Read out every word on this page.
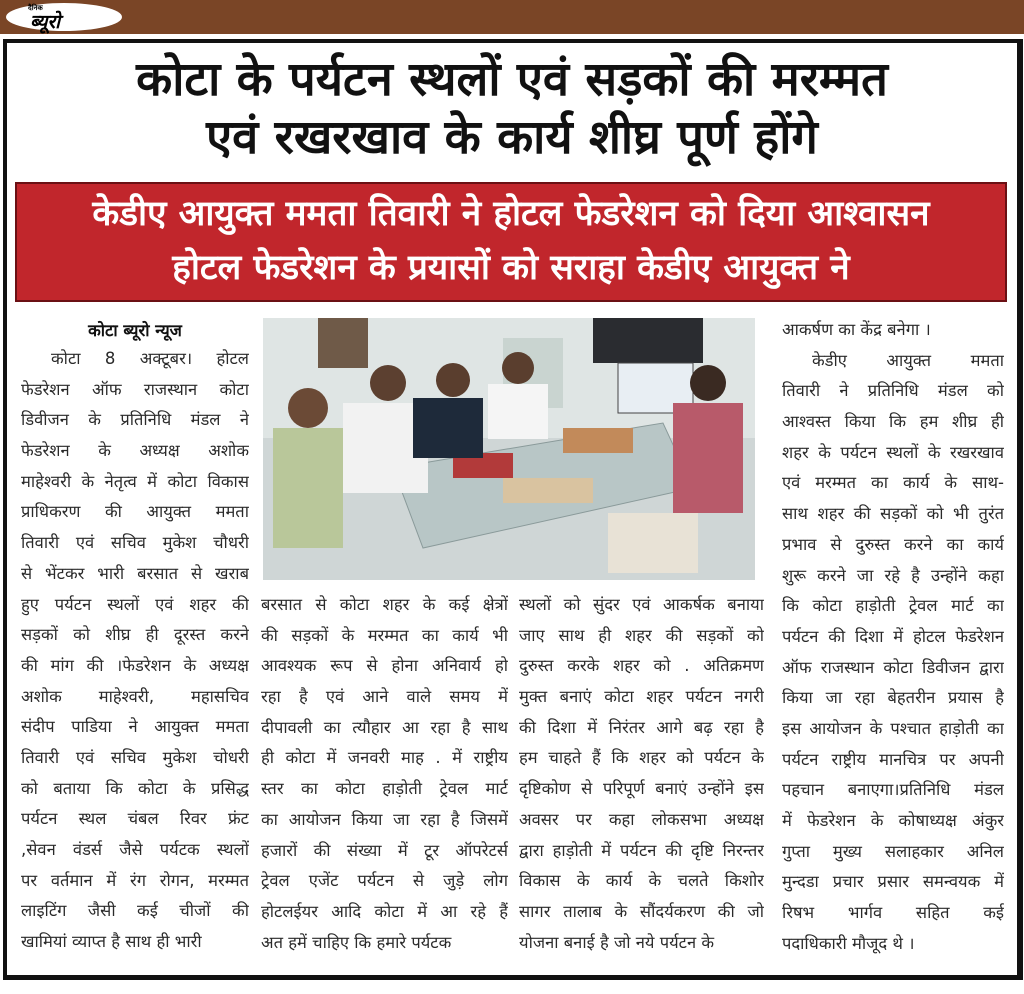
दैनिक
ब्यूरो
कोटा के पर्यटन स्थलों एवं सड़कों की मरम्मत
एवं रखरखाव के कार्य शीघ्र पूर्ण होंगे
केडीए आयुक्त ममता तिवारी ने होटल फेडरेशन को दिया आश्वासन
होटल फेडरेशन के प्रयासों को सराहा केडीए आयुक्त ने
कोटा ब्यूरो न्यूज
कोटा 8 अक्टूबर। होटल
फेडरेशन ऑफ राजस्थान कोटा
डिवीजन के प्रतिनिधि मंडल ने
फेडरेशन के अध्यक्ष अशोक
माहेश्वरी के नेतृत्व में कोटा विकास
प्राधिकरण की आयुक्त ममता
तिवारी एवं सचिव मुकेश चौधरी
से भेंटकर भारी बरसात से खराब
हुए पर्यटन स्थलों एवं शहर की
सड़कों को शीघ्र ही दूरस्त करने
की मांग की ।फेडरेशन के अध्यक्ष
अशोक माहेश्वरी, महासचिव
संदीप पाडिया ने आयुक्त ममता
तिवारी एवं सचिव मुकेश चोधरी
को बताया कि कोटा के प्रसिद्ध
पर्यटन स्थल चंबल रिवर फ्रंट
,सेवन वंडर्स जैसे पर्यटक स्थलों
पर वर्तमान में रंग रोगन, मरम्मत
लाइटिंग जैसी कई चीजों की
खामियां व्याप्त है साथ ही भारी
बरसात से कोटा शहर के कई क्षेत्रों
की सड़कों के मरम्मत का कार्य भी
आवश्यक रूप से होना अनिवार्य हो
रहा है एवं आने वाले समय में
दीपावली का त्यौहार आ रहा है साथ
ही कोटा में जनवरी माह . में राष्ट्रीय
स्तर का कोटा हाड़ोती ट्रेवल मार्ट
का आयोजन किया जा रहा है जिसमें
हजारों की संख्या में टूर ऑपरेटर्स
ट्रेवल एजेंट पर्यटन से जुड़े लोग
होटलईयर आदि कोटा में आ रहे हैं
अत हमें चाहिए कि हमारे पर्यटक
स्थलों को सुंदर एवं आकर्षक बनाया
जाए साथ ही शहर की सड़कों को
दुरुस्त करके शहर को . अतिक्रमण
मुक्त बनाएं कोटा शहर पर्यटन नगरी
की दिशा में निरंतर आगे बढ़ रहा है
हम चाहते हैं कि शहर को पर्यटन के
दृष्टिकोण से परिपूर्ण बनाएं उन्होंने इस
अवसर पर कहा लोकसभा अध्यक्ष
द्वारा हाड़ोती में पर्यटन की दृष्टि निरन्तर
विकास के कार्य के चलते किशोर
सागर तालाब के सौंदर्यकरण की जो
योजना बनाई है जो नये पर्यटन के
आकर्षण का केंद्र बनेगा ।
केडीए आयुक्त ममता
तिवारी ने प्रतिनिधि मंडल को
आश्वस्त किया कि हम शीघ्र ही
शहर के पर्यटन स्थलों के रखरखाव
एवं मरम्मत का कार्य के साथ-
साथ शहर की सड़कों को भी तुरंत
प्रभाव से दुरुस्त करने का कार्य
शुरू करने जा रहे है उन्होंने कहा
कि कोटा हाड़ोती ट्रेवल मार्ट का
पर्यटन की दिशा में होटल फेडरेशन
ऑफ राजस्थान कोटा डिवीजन द्वारा
किया जा रहा बेहतरीन प्रयास है
इस आयोजन के पश्चात हाड़ोती का
पर्यटन राष्ट्रीय मानचित्र पर अपनी
पहचान बनाएगा।प्रतिनिधि मंडल
में फेडरेशन के कोषाध्यक्ष अंकुर
गुप्ता मुख्य सलाहकार अनिल
मुन्दडा प्रचार प्रसार समन्वयक में
रिषभ भार्गव सहित कई
पदाधिकारी मौजूद थे ।
